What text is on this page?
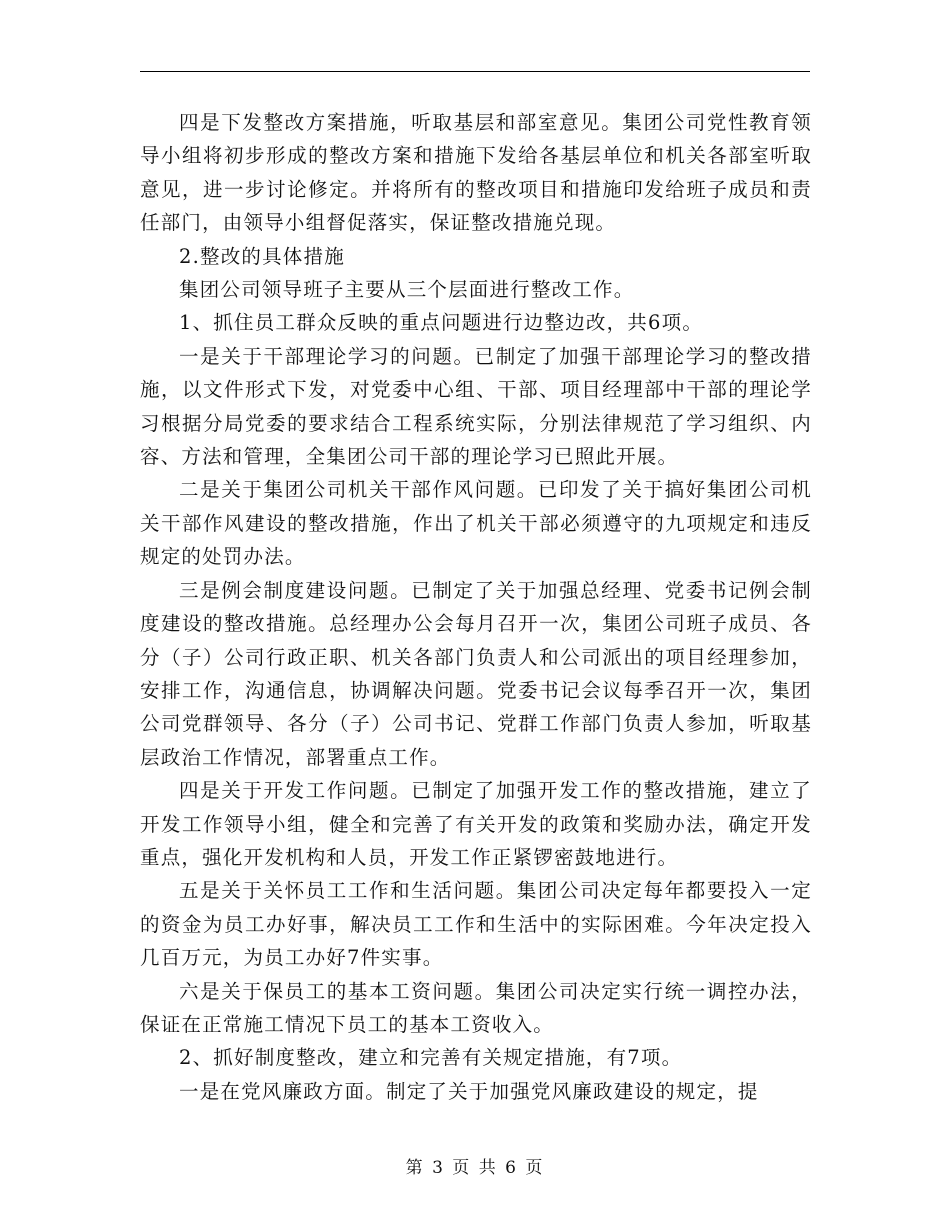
四是下发整改方案措施，听取基层和部室意见。集团公司党性教育领导小组将初步形成的整改方案和措施下发给各基层单位和机关各部室听取意见，进一步讨论修定。并将所有的整改项目和措施印发给班子成员和责任部门，由领导小组督促落实，保证整改措施兑现。

2.整改的具体措施

集团公司领导班子主要从三个层面进行整改工作。

1、抓住员工群众反映的重点问题进行边整边改，共6项。

一是关于干部理论学习的问题。已制定了加强干部理论学习的整改措施，以文件形式下发，对党委中心组、干部、项目经理部中干部的理论学习根据分局党委的要求结合工程系统实际，分别法律规范了学习组织、内容、方法和管理，全集团公司干部的理论学习已照此开展。

二是关于集团公司机关干部作风问题。已印发了关于搞好集团公司机关干部作风建设的整改措施，作出了机关干部必须遵守的九项规定和违反规定的处罚办法。

三是例会制度建设问题。已制定了关于加强总经理、党委书记例会制度建设的整改措施。总经理办公会每月召开一次，集团公司班子成员、各分（子）公司行政正职、机关各部门负责人和公司派出的项目经理参加，安排工作，沟通信息，协调解决问题。党委书记会议每季召开一次，集团公司党群领导、各分（子）公司书记、党群工作部门负责人参加，听取基层政治工作情况，部署重点工作。

四是关于开发工作问题。已制定了加强开发工作的整改措施，建立了开发工作领导小组，健全和完善了有关开发的政策和奖励办法，确定开发重点，强化开发机构和人员，开发工作正紧锣密鼓地进行。

五是关于关怀员工工作和生活问题。集团公司决定每年都要投入一定的资金为员工办好事，解决员工工作和生活中的实际困难。今年决定投入几百万元，为员工办好7件实事。

六是关于保员工的基本工资问题。集团公司决定实行统一调控办法，保证在正常施工情况下员工的基本工资收入。

2、抓好制度整改，建立和完善有关规定措施，有7项。

一是在党风廉政方面。制定了关于加强党风廉政建设的规定，提

第 3 页 共 6 页
